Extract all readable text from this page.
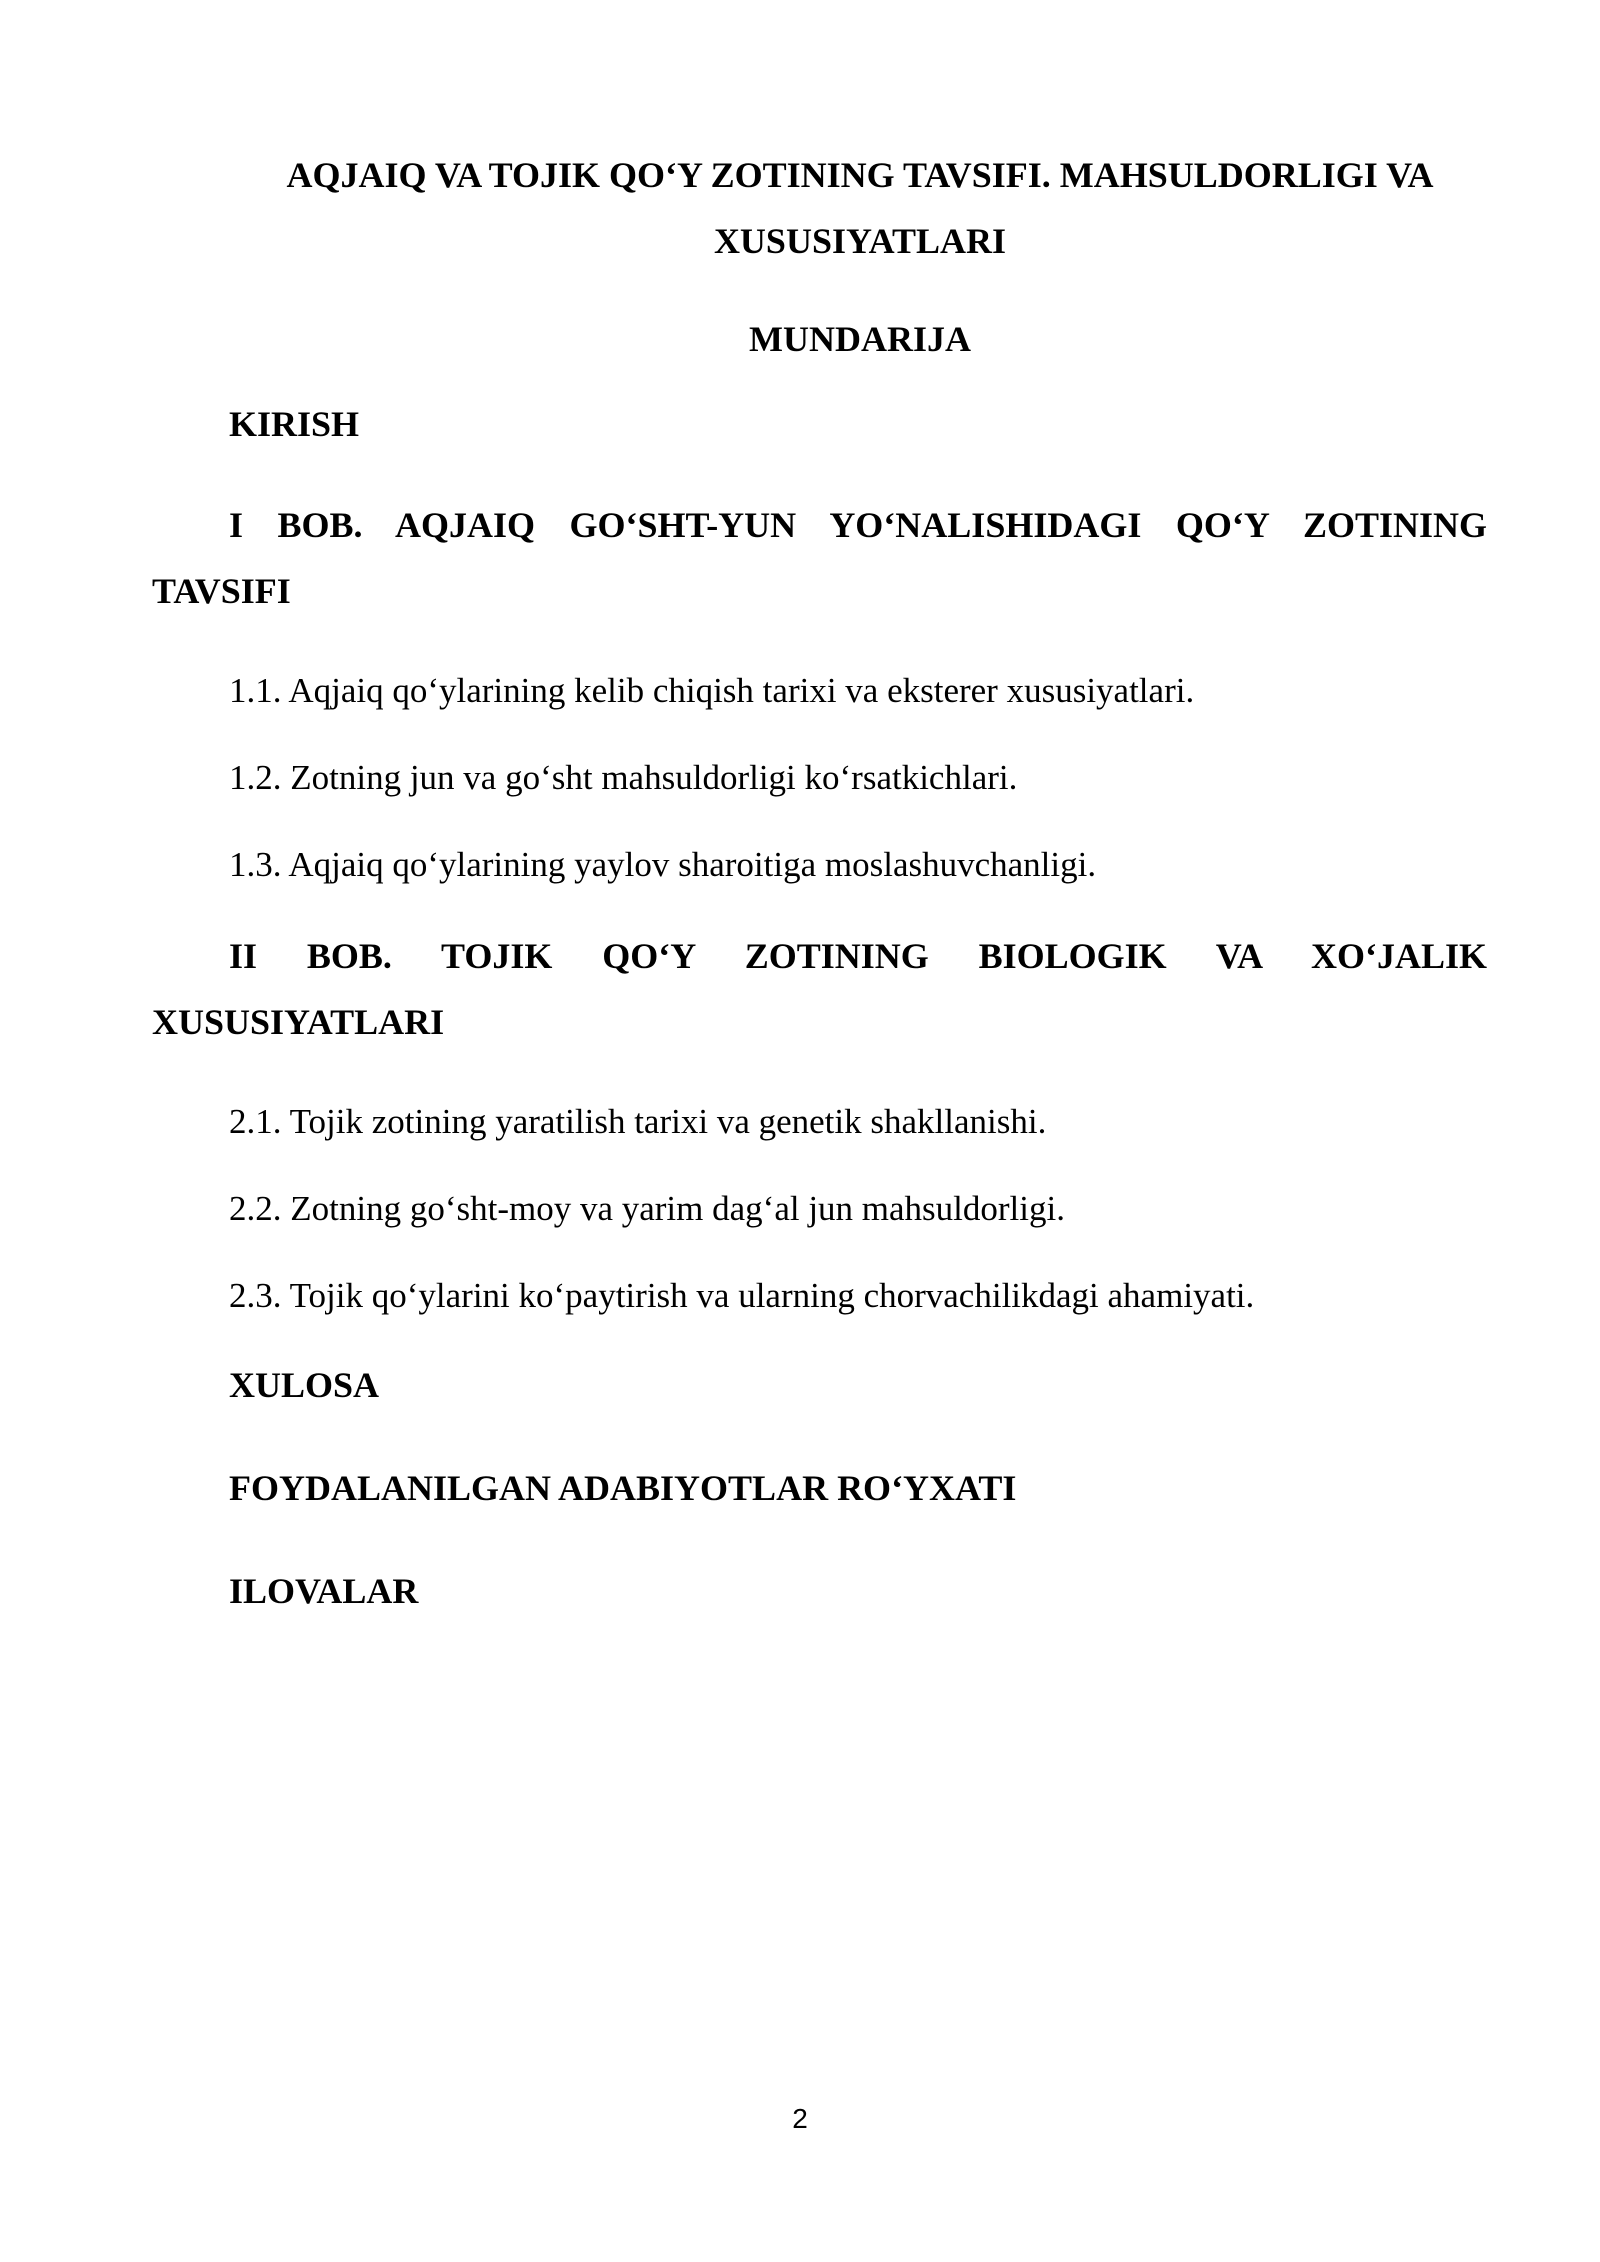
AQJAIQ VA TOJIK QO‘Y ZOTINING TAVSIFI. MAHSULDORLIGI VA
XUSUSIYATLARI
MUNDARIJA
KIRISH
I BOB. AQJAIQ GO‘SHT-YUN YO‘NALISHIDAGI QO‘Y ZOTINING
TAVSIFI
1.1. Aqjaiq qo‘ylarining kelib chiqish tarixi va eksterer xususiyatlari.
1.2. Zotning jun va go‘sht mahsuldorligi ko‘rsatkichlari.
1.3. Aqjaiq qo‘ylarining yaylov sharoitiga moslashuvchanligi.
II BOB. TOJIK QO‘Y ZOTINING BIOLOGIK VA XO‘JALIK
XUSUSIYATLARI
2.1. Tojik zotining yaratilish tarixi va genetik shakllanishi.
2.2. Zotning go‘sht-moy va yarim dag‘al jun mahsuldorligi.
2.3. Tojik qo‘ylarini ko‘paytirish va ularning chorvachilikdagi ahamiyati.
XULOSA
FOYDALANILGAN ADABIYOTLAR RO‘YXATI
ILOVALAR
2
